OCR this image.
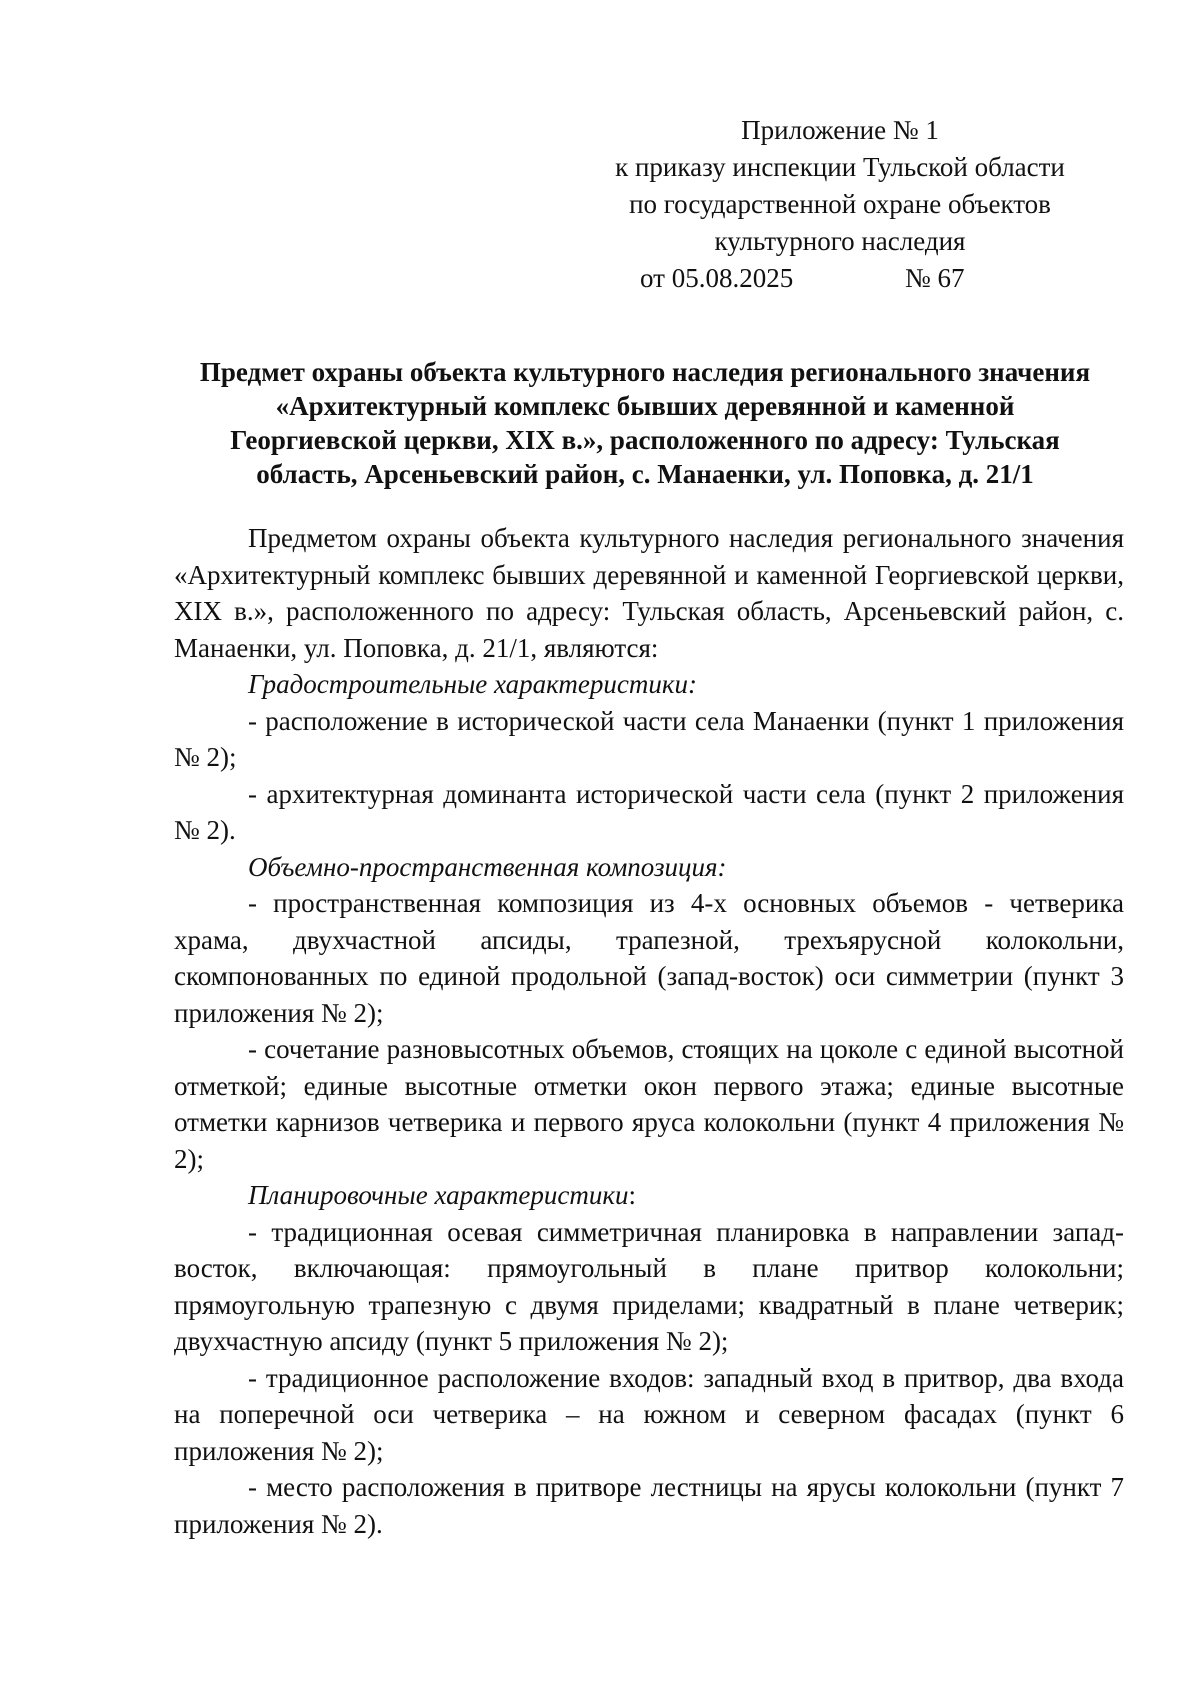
Приложение № 1
к приказу инспекции Тульской области
по государственной охране объектов
культурного наследия
от 05.08.2025	№ 67
Предмет охраны объекта культурного наследия регионального значения
«Архитектурный комплекс бывших деревянной и каменной
Георгиевской церкви, XIX в.», расположенного по адресу: Тульская
область, Арсеньевский район, с. Манаенки, ул. Поповка, д. 21/1

Предметом охраны объекта культурного наследия регионального значения «Архитектурный комплекс бывших деревянной и каменной Георгиевской церкви, XIX в.», расположенного по адресу: Тульская область, Арсеньевский район, с. Манаенки, ул. Поповка, д. 21/1, являются:

Градостроительные характеристики:

- расположение в исторической части села Манаенки (пункт 1 приложения № 2);

- архитектурная доминанта исторической части села (пункт 2 приложения № 2).

Объемно-пространственная композиция:

- пространственная композиция из 4-х основных объемов - четверика храма, двухчастной апсиды, трапезной, трехъярусной колокольни, скомпонованных по единой продольной (запад-восток) оси симметрии (пункт 3 приложения № 2);

- сочетание разновысотных объемов, стоящих на цоколе с единой высотной отметкой; единые высотные отметки окон первого этажа; единые высотные отметки карнизов четверика и первого яруса колокольни (пункт 4 приложения № 2);

Планировочные характеристики:

- традиционная осевая симметричная планировка в направлении запад-восток, включающая: прямоугольный в плане притвор колокольни; прямоугольную трапезную с двумя приделами; квадратный в плане четверик; двухчастную апсиду (пункт 5 приложения № 2);

- традиционное расположение входов: западный вход в притвор, два входа на поперечной оси четверика – на южном и северном фасадах (пункт 6 приложения № 2);

- место расположения в притворе лестницы на ярусы колокольни (пункт 7 приложения № 2).
